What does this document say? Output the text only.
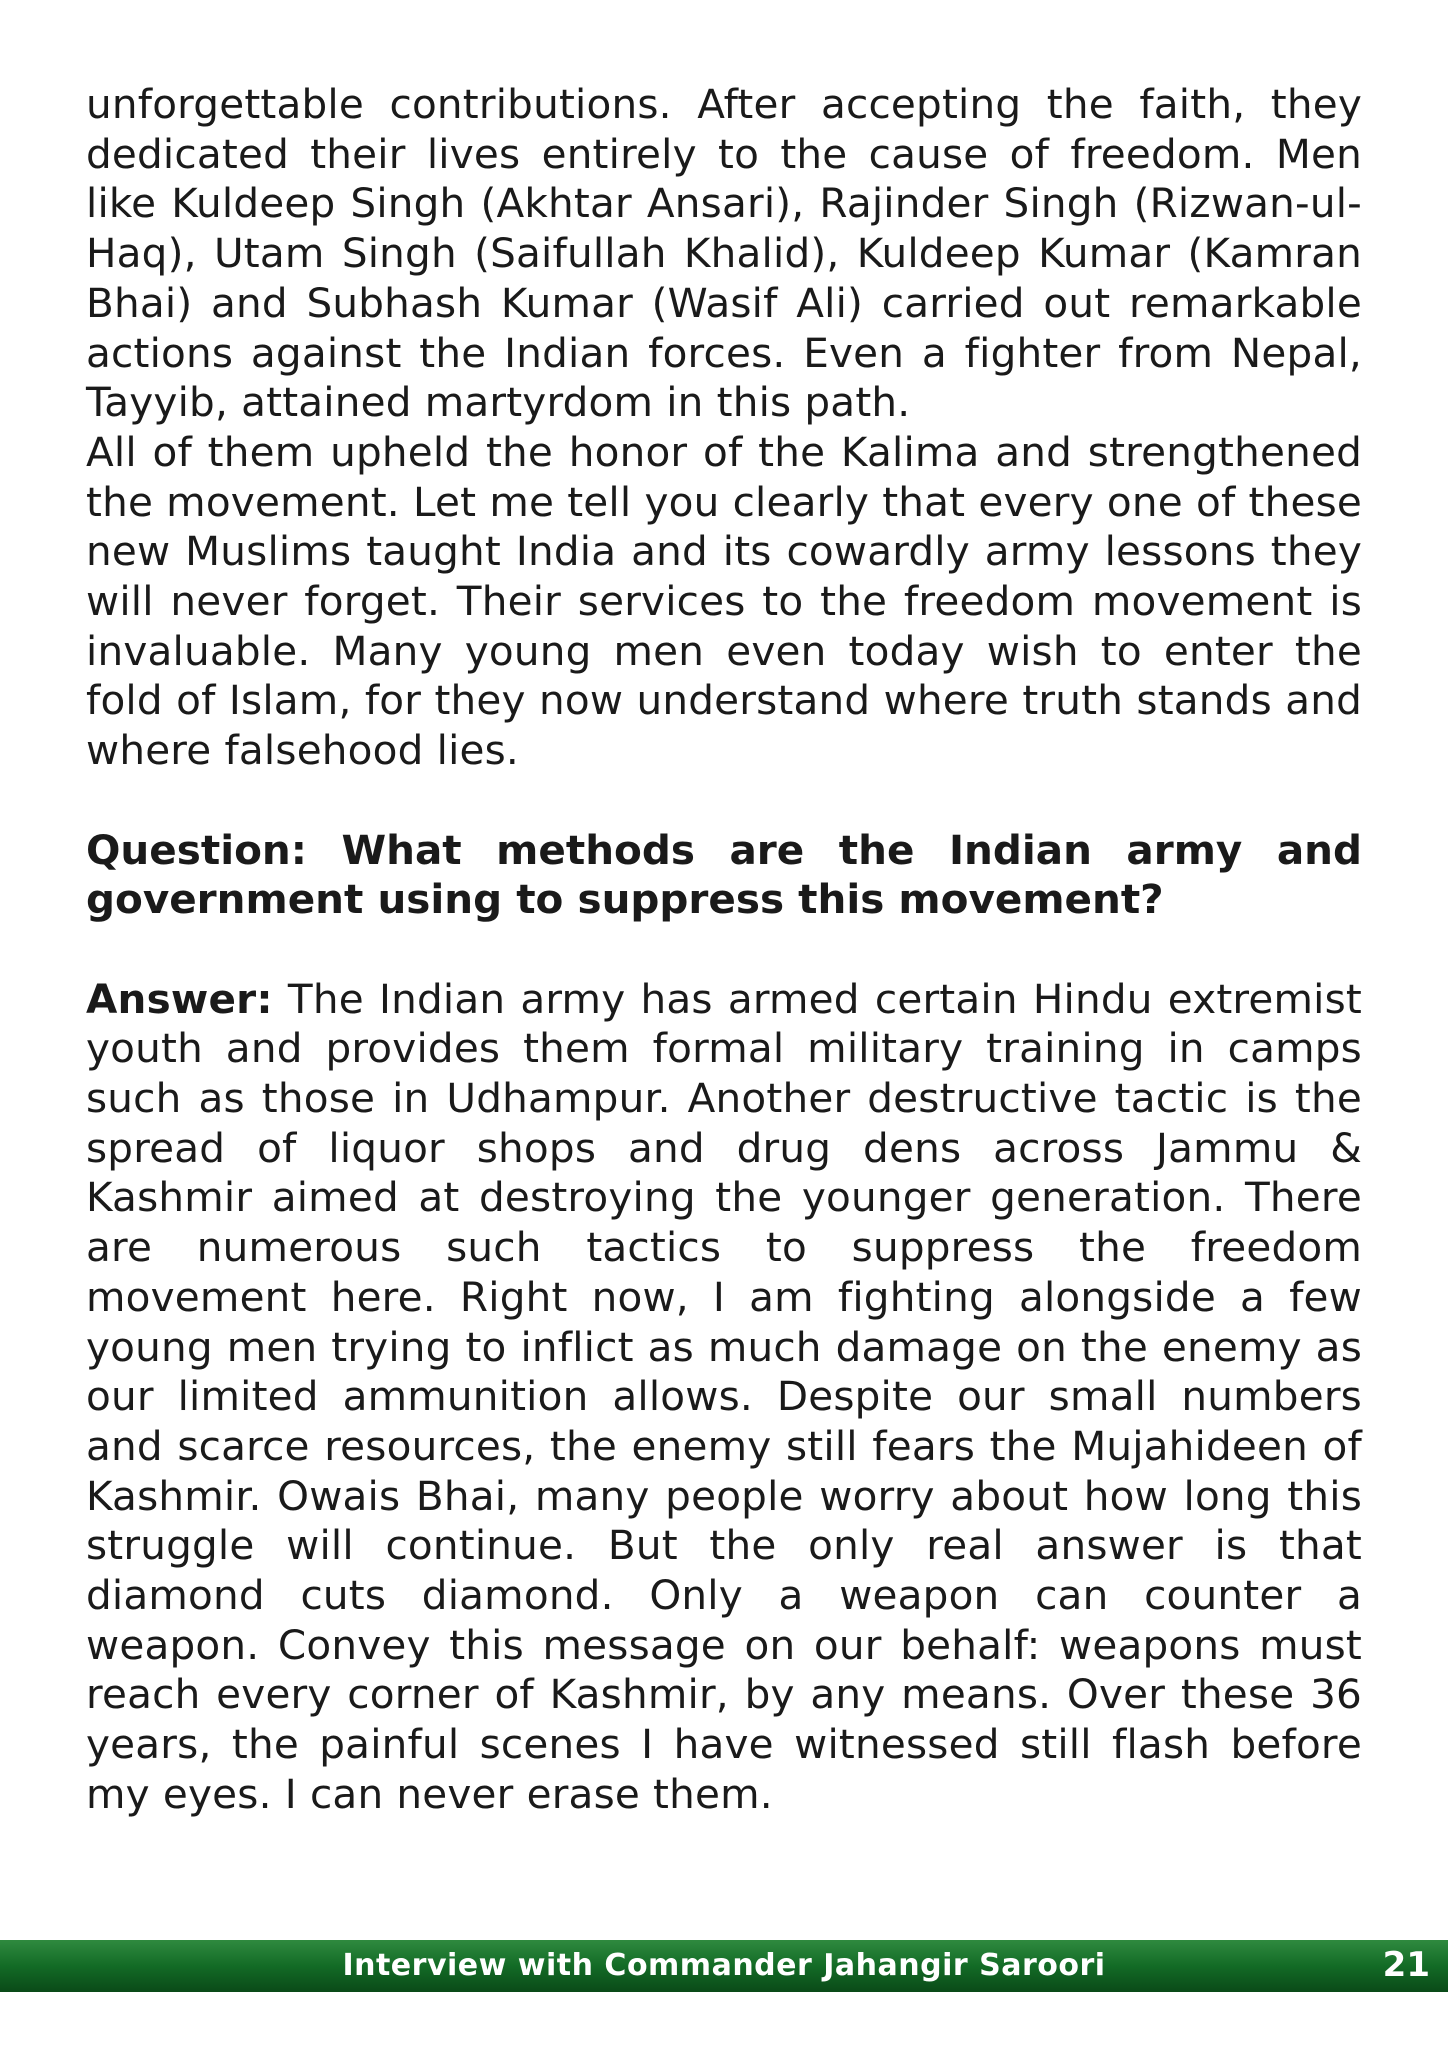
unforgettable contributions. After accepting the faith, they dedicated their lives entirely to the cause of freedom. Men like Kuldeep Singh (Akhtar Ansari), Rajinder Singh (Rizwan-ul-Haq), Utam Singh (Saifullah Khalid), Kuldeep Kumar (Kamran Bhai) and Subhash Kumar (Wasif Ali) carried out remarkable actions against the Indian forces. Even a fighter from Nepal, Tayyib, attained martyrdom in this path.

All of them upheld the honor of the Kalima and strengthened the movement. Let me tell you clearly that every one of these new Muslims taught India and its cowardly army lessons they will never forget. Their services to the freedom movement is invaluable. Many young men even today wish to enter the fold of Islam, for they now understand where truth stands and where falsehood lies.

Question: What methods are the Indian army and government using to suppress this movement?

Answer: The Indian army has armed certain Hindu extremist youth and provides them formal military training in camps such as those in Udhampur. Another destructive tactic is the spread of liquor shops and drug dens across Jammu & Kashmir aimed at destroying the younger generation. There are numerous such tactics to suppress the freedom movement here. Right now, I am fighting alongside a few young men trying to inflict as much damage on the enemy as our limited ammunition allows. Despite our small numbers and scarce resources, the enemy still fears the Mujahideen of Kashmir. Owais Bhai, many people worry about how long this struggle will continue. But the only real answer is that diamond cuts diamond. Only a weapon can counter a weapon. Convey this message on our behalf: weapons must reach every corner of Kashmir, by any means. Over these 36 years, the painful scenes I have witnessed still flash before my eyes. I can never erase them.

Interview with Commander Jahangir Saroori	21
